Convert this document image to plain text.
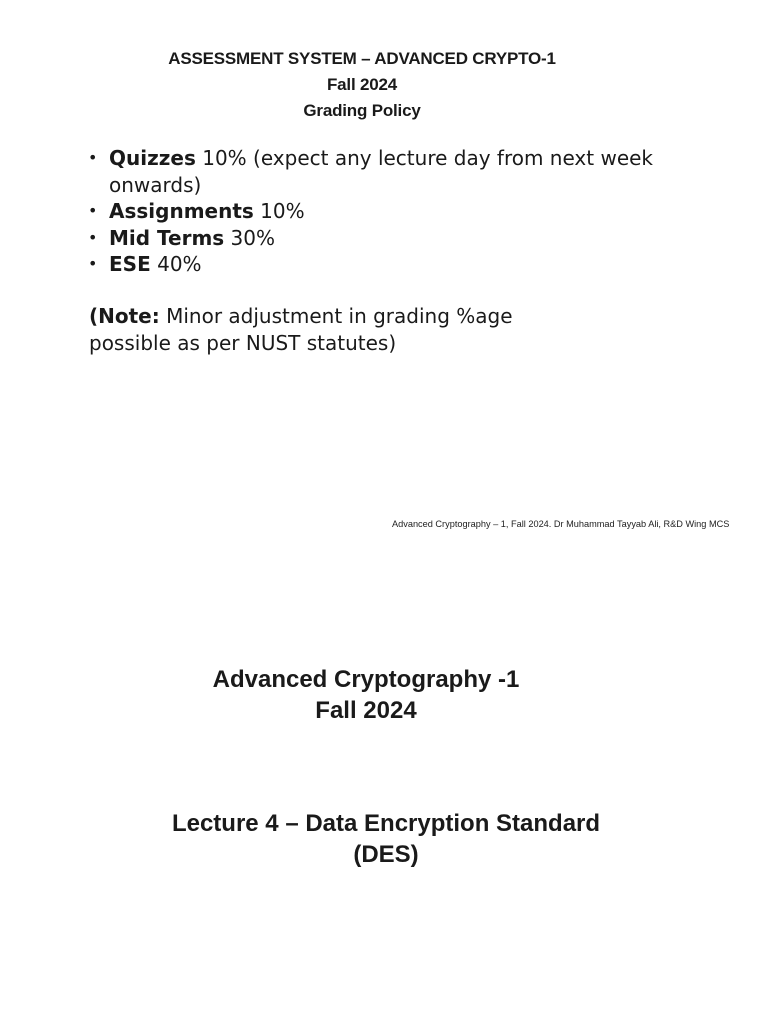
ASSESSMENT SYSTEM – ADVANCED CRYPTO-1
Fall 2024
Grading Policy
• Quizzes 10% (expect any lecture day from next week onwards)
• Assignments 10%
• Mid Terms 30%
• ESE 40%
(Note: Minor adjustment in grading %age possible as per NUST statutes)
Advanced Cryptography – 1, Fall 2024. Dr Muhammad Tayyab Ali, R&D Wing MCS
Advanced Cryptography -1
Fall 2024
Lecture 4 – Data Encryption Standard
(DES)
